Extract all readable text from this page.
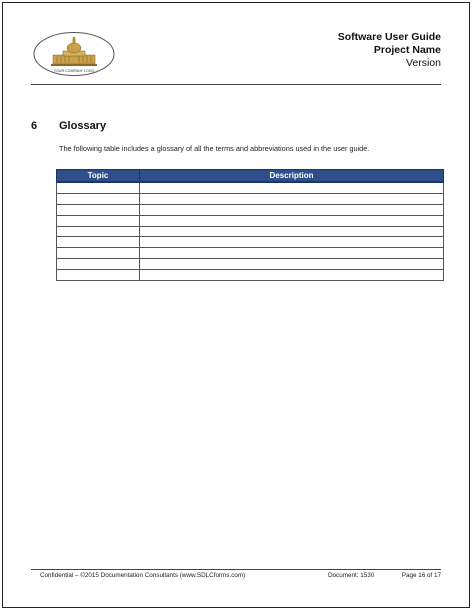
YOUR COMPANY LOGO
Software User Guide
Project Name
Version
6 Glossary
The following table includes a glossary of all the terms and abbreviations used in the user guide.
Topic	Description

Confidential – ©2015 Documentation Consultants (www.SDLCforms.com)	Document: 1530	Page 16 of 17
